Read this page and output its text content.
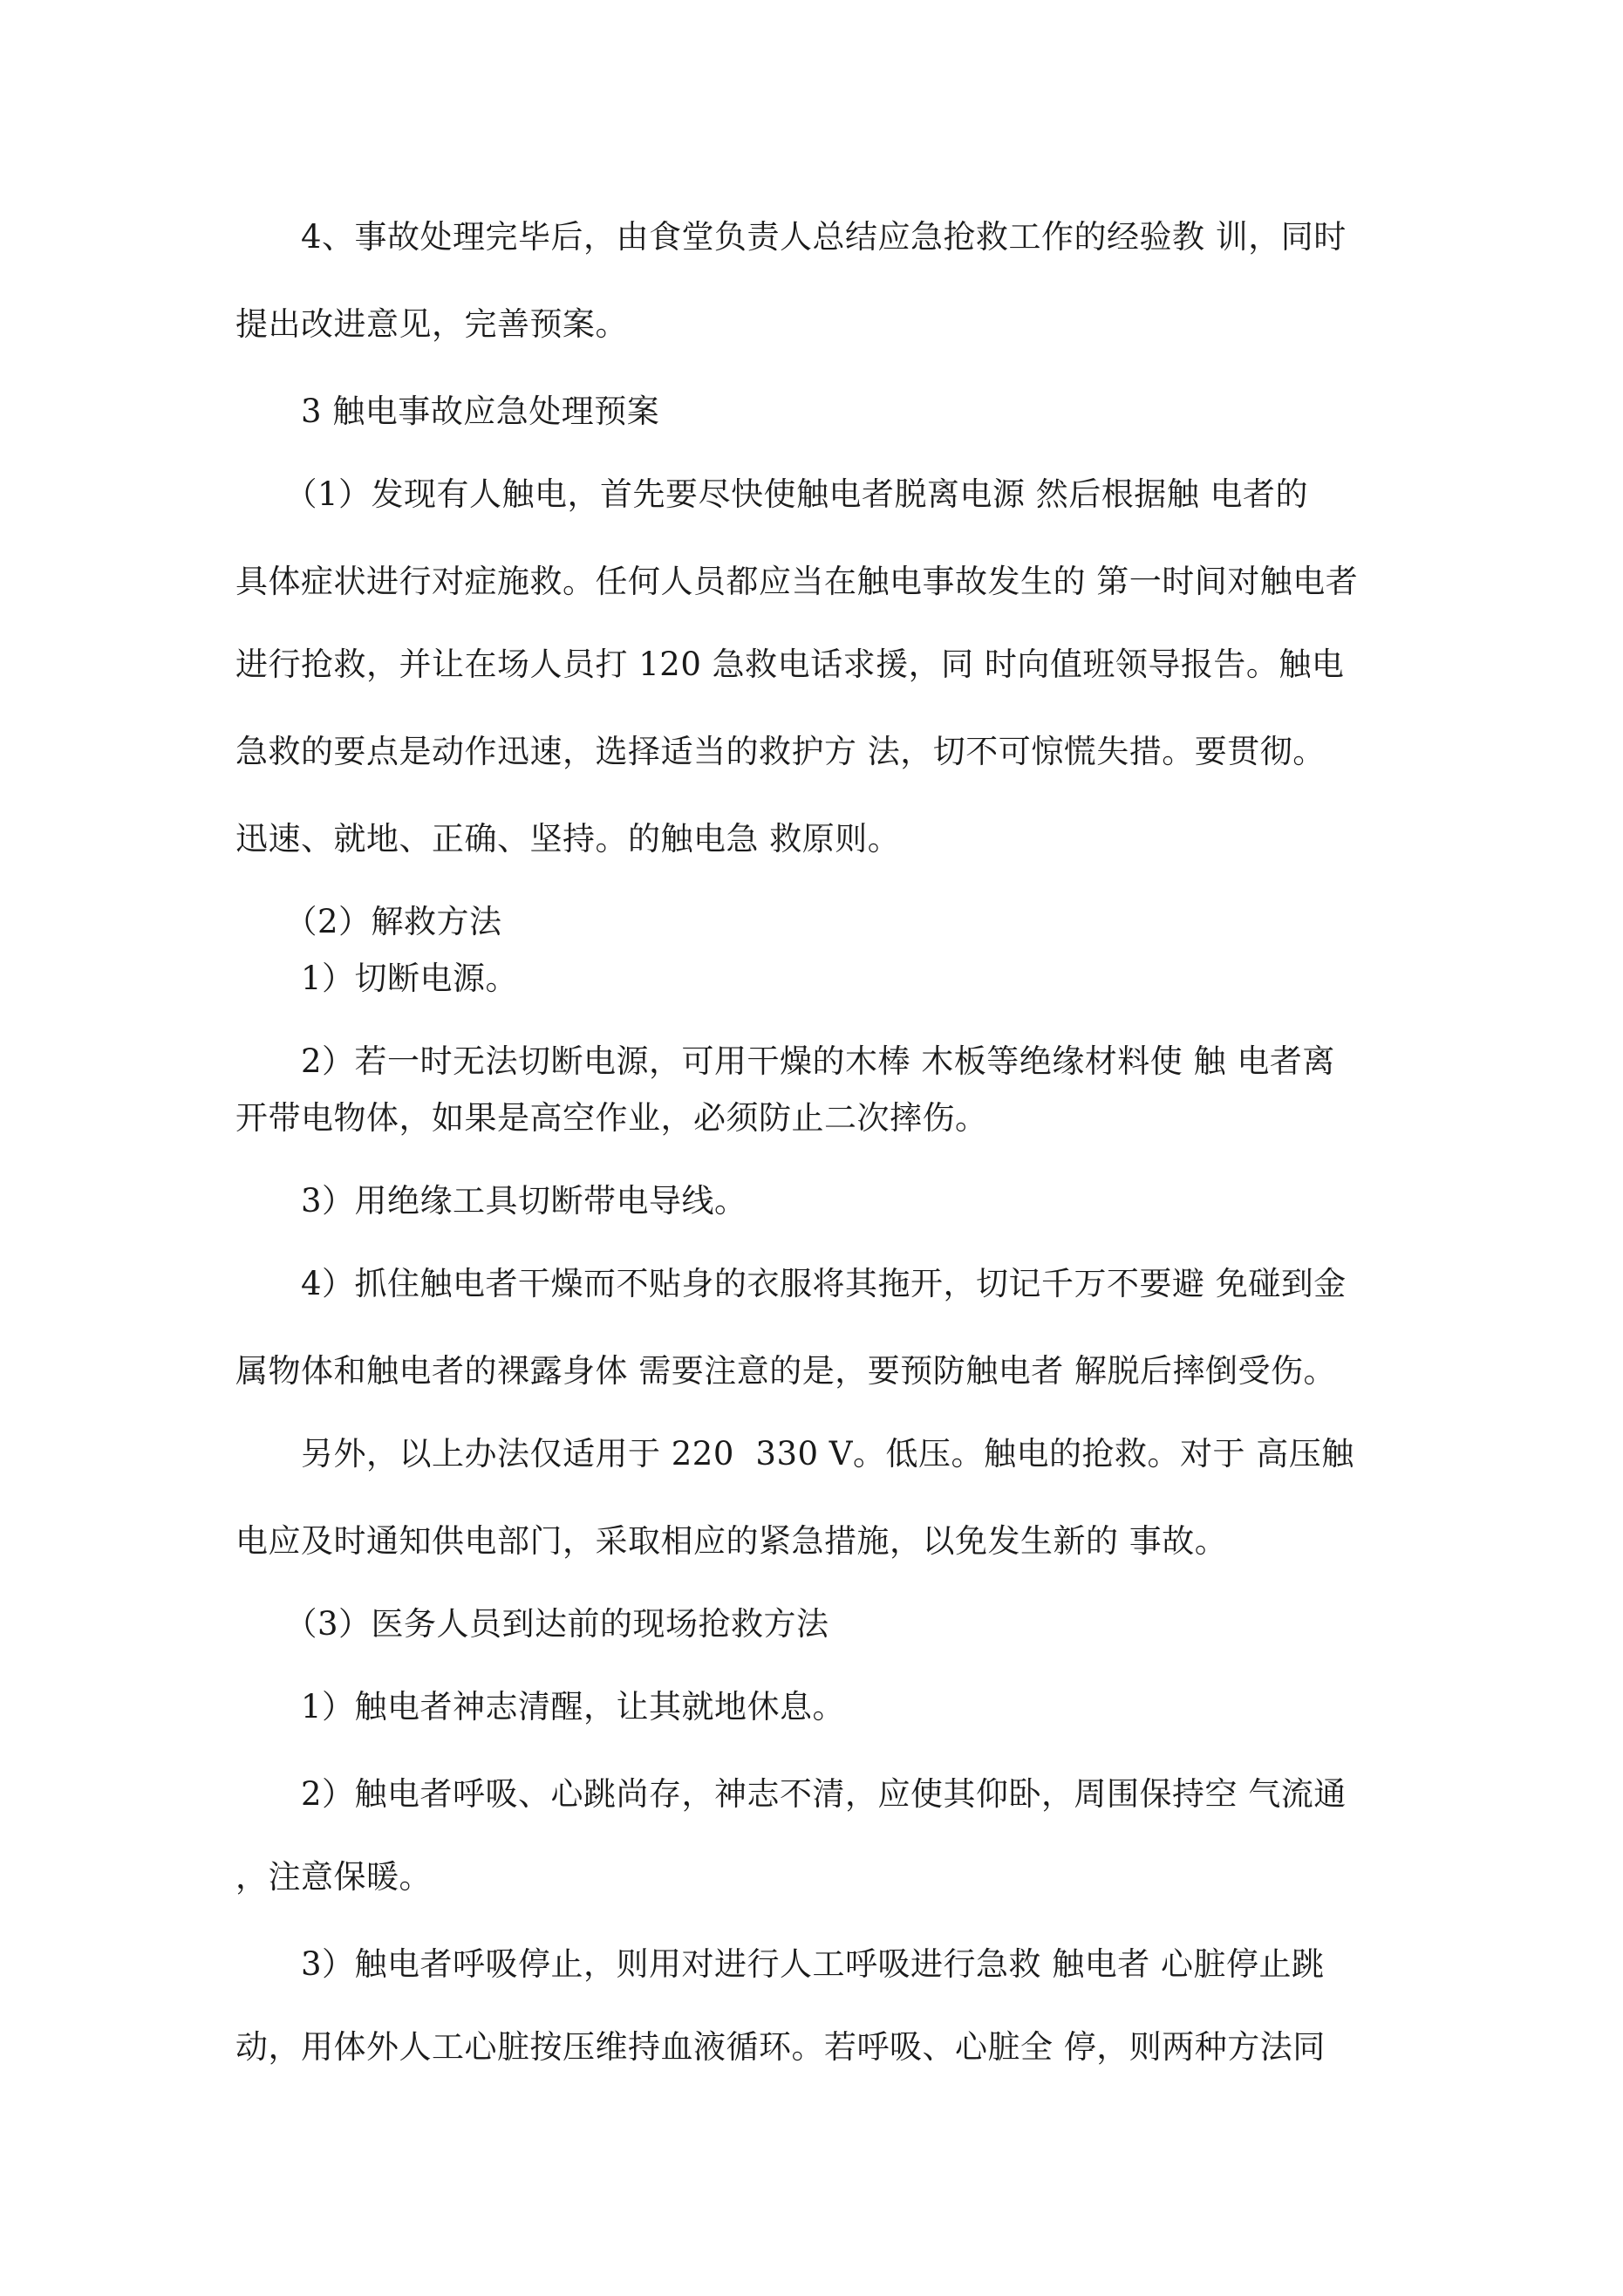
　　4、事故处理完毕后，由食堂负责人总结应急抢救工作的经验教 训，同时
提出改进意见，完善预案。
　　3 触电事故应急处理预案
　　（1）发现有人触电，首先要尽快使触电者脱离电源 然后根据触 电者的
具体症状进行对症施救。任何人员都应当在触电事故发生的 第一时间对触电者
进行抢救，并让在场人员打 120 急救电话求援，同 时向值班领导报告。触电
急救的要点是动作迅速，选择适当的救护方 法，切不可惊慌失措。要贯彻。
迅速、就地、正确、坚持。的触电急 救原则。
　　（2）解救方法
　　1）切断电源。
　　2）若一时无法切断电源，可用干燥的木棒 木板等绝缘材料使 触 电者离
开带电物体，如果是高空作业，必须防止二次摔伤。
　　3）用绝缘工具切断带电导线。
　　4）抓住触电者干燥而不贴身的衣服将其拖开，切记千万不要避 免碰到金
属物体和触电者的裸露身体 需要注意的是，要预防触电者 解脱后摔倒受伤。
　　另外，以上办法仅适用于 220  330 V。低压。触电的抢救。对于 高压触
电应及时通知供电部门，采取相应的紧急措施，以免发生新的 事故。
　　（3）医务人员到达前的现场抢救方法
　　1）触电者神志清醒，让其就地休息。
　　2）触电者呼吸、心跳尚存，神志不清，应使其仰卧，周围保持空 气流通
，注意保暖。
　　3）触电者呼吸停止，则用对进行人工呼吸进行急救 触电者 心脏停止跳
动，用体外人工心脏按压维持血液循环。若呼吸、心脏全 停，则两种方法同
